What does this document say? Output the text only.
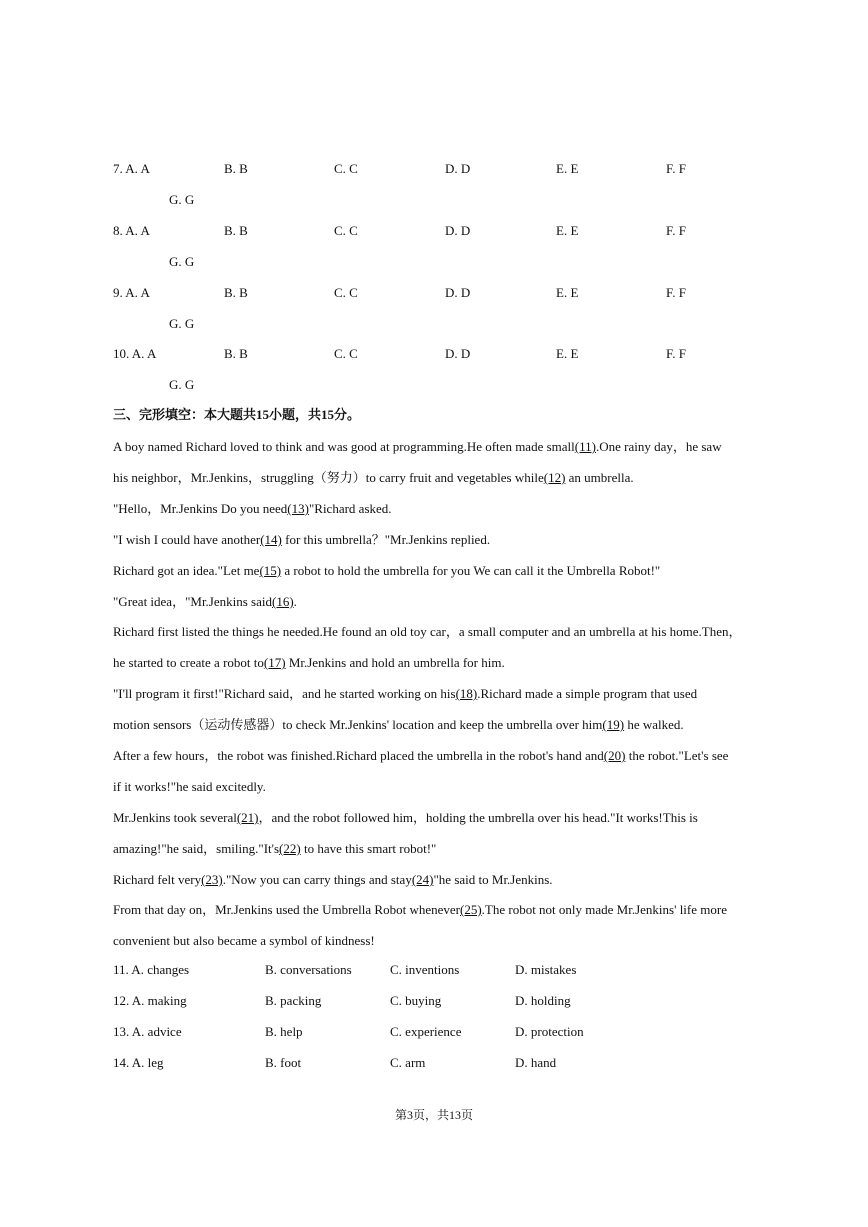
7. A. A	B. B	C. C	D. D	E. E	F. F
G. G
8. A. A	B. B	C. C	D. D	E. E	F. F
G. G
9. A. A	B. B	C. C	D. D	E. E	F. F
G. G
10. A. A	B. B	C. C	D. D	E. E	F. F
G. G
三、完形填空：本大题共15小题，共15分。
A boy named Richard loved to think and was good at programming.He often made small(11).One rainy day，he saw
his neighbor，Mr.Jenkins，struggling（努力）to carry fruit and vegetables while(12) an umbrella.
"Hello，Mr.Jenkins Do you need(13)"Richard asked.
"I wish I could have another(14) for this umbrella？"Mr.Jenkins replied.
Richard got an idea."Let me(15) a robot to hold the umbrella for you We can call it the Umbrella Robot!"
"Great idea，"Mr.Jenkins said(16).
Richard first listed the things he needed.He found an old toy car，a small computer and an umbrella at his home.Then，
he started to create a robot to(17) Mr.Jenkins and hold an umbrella for him.
"I'll program it first!"Richard said，and he started working on his(18).Richard made a simple program that used
motion sensors（运动传感器）to check Mr.Jenkins' location and keep the umbrella over him(19) he walked.
After a few hours，the robot was finished.Richard placed the umbrella in the robot's hand and(20) the robot."Let's see
if it works!"he said excitedly.
Mr.Jenkins took several(21)，and the robot followed him，holding the umbrella over his head."It works!This is
amazing!"he said，smiling."It's(22) to have this smart robot!"
Richard felt very(23)."Now you can carry things and stay(24)"he said to Mr.Jenkins.
From that day on，Mr.Jenkins used the Umbrella Robot whenever(25).The robot not only made Mr.Jenkins' life more
convenient but also became a symbol of kindness!
11. A. changes	B. conversations	C. inventions	D. mistakes
12. A. making	B. packing	C. buying	D. holding
13. A. advice	B. help	C. experience	D. protection
14. A. leg	B. foot	C. arm	D. hand
第3页，共13页
